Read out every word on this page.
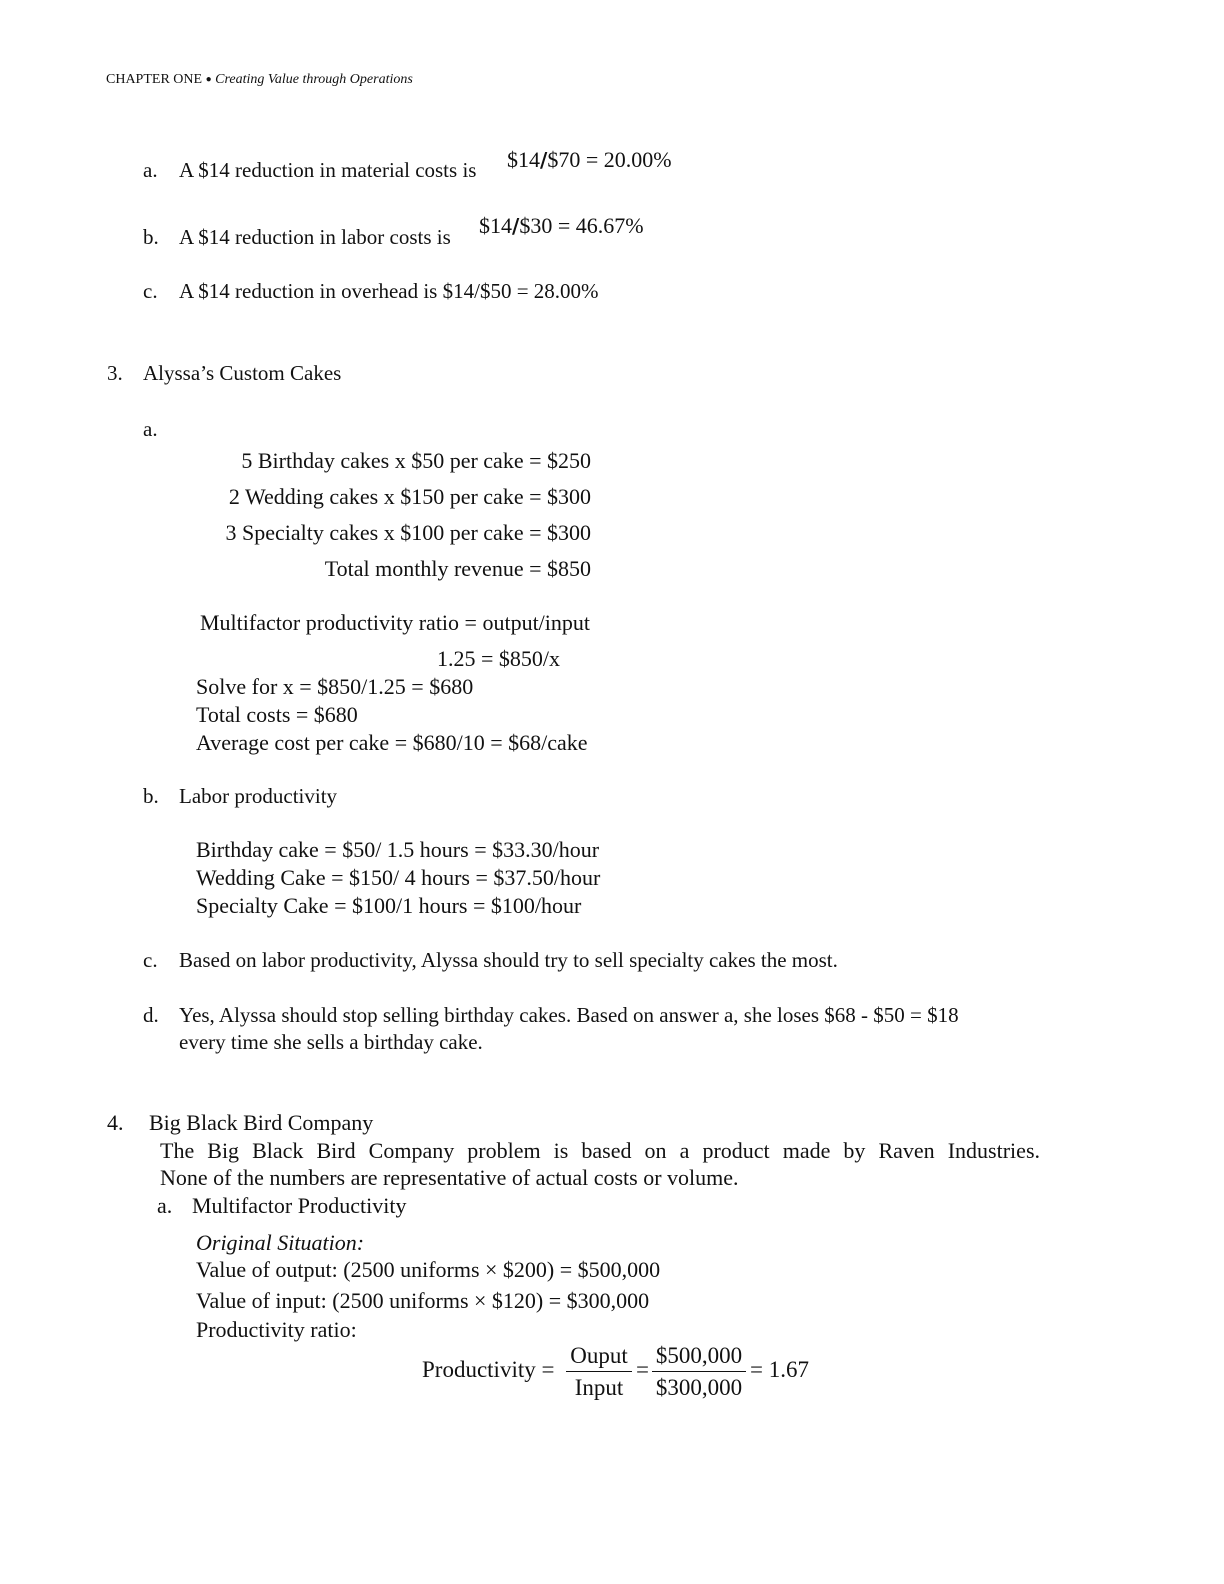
CHAPTER ONE ● Creating Value through Operations
a. A $14 reduction in material costs is $14/$70 = 20.00%
b. A $14 reduction in labor costs is $14/$30 = 46.67%
c. A $14 reduction in overhead is $14/$50 = 28.00%
3. Alyssa’s Custom Cakes
a.
5 Birthday cakes x $50 per cake = $250
2 Wedding cakes x $150 per cake = $300
3 Specialty cakes x $100 per cake = $300
Total monthly revenue = $850
Multifactor productivity ratio = output/input
1.25 = $850/x
Solve for x = $850/1.25 = $680
Total costs = $680
Average cost per cake = $680/10 = $68/cake
b. Labor productivity
Birthday cake = $50/ 1.5 hours = $33.30/hour
Wedding Cake = $150/ 4 hours = $37.50/hour
Specialty Cake = $100/1 hours = $100/hour
c. Based on labor productivity, Alyssa should try to sell specialty cakes the most.
d. Yes, Alyssa should stop selling birthday cakes. Based on answer a, she loses $68 - $50 = $18
every time she sells a birthday cake.
4. Big Black Bird Company
The Big Black Bird Company problem is based on a product made by Raven Industries.
None of the numbers are representative of actual costs or volume.
a. Multifactor Productivity
Original Situation:
Value of output: (2500 uniforms × $200) = $500,000
Value of input: (2500 uniforms × $120) = $300,000
Productivity ratio:
Productivity =
Ouput
Input
= $\frac{\$500,000}{\$300,000} = 1.67$
